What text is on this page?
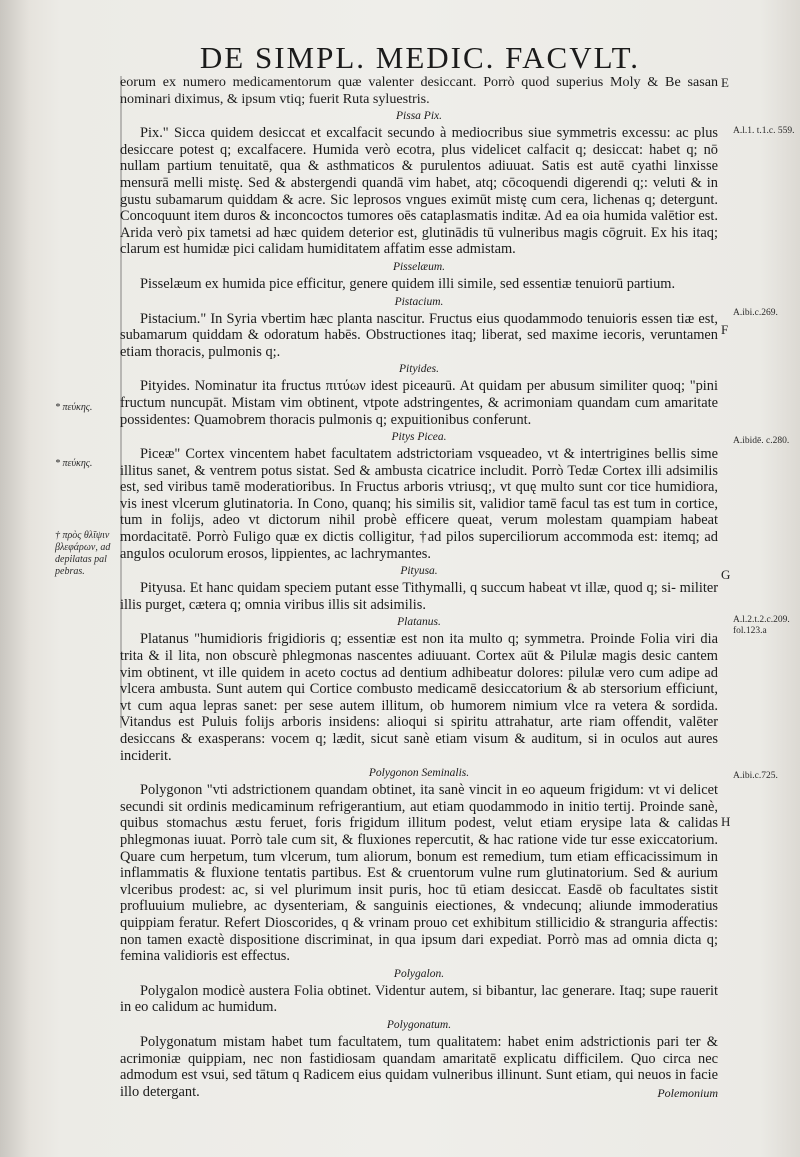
DE SIMPL. MEDIC. FACVLT.

eorum ex numero medicamentorum quæ valenter desiccant. Porrò quod superius Moly & Be sasan nominari diximus, & ipsum vtiq; fuerit Ruta syluestris.

Pissa Pix.

Pix." Sicca quidem desiccat et excalfacit secundo à mediocribus siue symmetris excessu: ac plus desiccare potest q; excalfacere. Humida verò ecotra, plus videlicet calfacit q; desiccat: habet q; nō nullam partium tenuitatē, qua & asthmaticos & purulentos adiuuat. Satis est autē cyathi linxisse mensurā melli mistę. Sed & abstergendi quandā vim habet, atq; cōcoquendi digerendi q;: veluti & in gustu subamarum quiddam & acre. Sic leprosos vngues eximūt mistę cum cera, lichenas q; detergunt. Concoquunt item duros & inconcoctos tumores oēs cataplasmatis inditæ. Ad ea oia humida valētior est. Arida verò pix tametsi ad hæc quidem deterior est, glutinādis tū vulneribus magis cōgruit. Ex his itaq; clarum est humidæ pici calidam humiditatem affatim esse admistam.

Pisselæum.

Pisselæum ex humida pice efficitur, genere quidem illi simile, sed essentiæ tenuiorū partium.

Pistacium.

Pistacium." In Syria vbertim hæc planta nascitur. Fructus eius quodammodo tenuioris essen tiæ est, subamarum quiddam & odoratum habēs. Obstructiones itaq; liberat, sed maxime iecoris, veruntamen etiam thoracis, pulmonis q;.

Pityides.

Pityides. Nominatur ita fructus πιτύων idest piceaurū. At quidam per abusum similiter quoq; "pini fructum nuncupāt. Mistam vim obtinent, vtpote adstringentes, & acrimoniam quandam cum amaritate possidentes: Quamobrem thoracis pulmonis q; expuitionibus conferunt.

Pitys Picea.

Piceæ" Cortex vincentem habet facultatem adstrictoriam vsqueadeo, vt & intertrigines bellis sime illitus sanet, & ventrem potus sistat. Sed & ambusta cicatrice includit. Porrò Tedæ Cortex illi adsimilis est, sed viribus tamē moderatioribus. In Fructus arboris vtriusq;, vt quę multo sunt cor tice humidiora, vis inest vlcerum glutinatoria. In Cono, quanq; his similis sit, validior tamē facul tas est tum in cortice, tum in folijs, adeo vt dictorum nihil probè efficere queat, verum molestam quampiam habeat mordacitatē. Porrò Fuligo quæ ex dictis colligitur, †ad pilos superciliorum accommoda est: itemq; ad angulos oculorum erosos, lippientes, ac lachrymantes.

Pityusa.

Pityusa. Et hanc quidam speciem putant esse Tithymalli, q succum habeat vt illæ, quod q; si- militer illis purget, cætera q; omnia viribus illis sit adsimilis.

Platanus.

Platanus "humidioris frigidioris q; essentiæ est non ita multo q; symmetra. Proinde Folia viri dia trita & il lita, non obscurè phlegmonas nascentes adiuuant. Cortex aūt & Pilulæ magis desic cantem vim obtinent, vt ille quidem in aceto coctus ad dentium adhibeatur dolores: pilulæ vero cum adipe ad vlcera ambusta. Sunt autem qui Cortice combusto medicamē desiccatorium & ab stersorium efficiunt, vt cum aqua lepras sanet: per sese autem illitum, ob humorem nimium vlce ra vetera & sordida. Vitandus est Puluis folijs arboris insidens: alioqui si spiritu attrahatur, arte riam offendit, valēter desiccans & exasperans: vocem q; lædit, sicut sanè etiam visum & auditum, si in oculos aut aures inciderit.

Polygonon Seminalis.

Polygonon "vti adstrictionem quandam obtinet, ita sanè vincit in eo aqueum frigidum: vt vi delicet secundi sit ordinis medicaminum refrigerantium, aut etiam quodammodo in initio tertij. Proinde sanè, quibus stomachus æstu feruet, foris frigidum illitum podest, velut etiam erysipe lata & calidas phlegmonas iuuat. Porrò tale cum sit, & fluxiones repercutit, & hac ratione vide tur esse exiccatorium. Quare cum herpetum, tum vlcerum, tum aliorum, bonum est remedium, tum etiam efficacissimum in inflammatis & fluxione tentatis partibus. Est & cruentorum vulne rum glutinatorium. Sed & aurium vlceribus prodest: ac, si vel plurimum insit puris, hoc tū etiam desiccat. Easdē ob facultates sistit profluuium muliebre, ac dysenteriam, & sanguinis eiectiones, & vndecunq; aliunde immoderatius quippiam feratur. Refert Dioscorides, q & vrinam prouo cet exhibitum stillicidio & stranguria affectis: non tamen exactè dispositione discriminat, in qua ipsum dari expediat. Porrò mas ad omnia dicta q; femina validioris est effectus.

Polygalon.

Polygalon modicè austera Folia obtinet. Videntur autem, si bibantur, lac generare. Itaq; supe rauerit in eo calidum ac humidum.

Polygonatum.

Polygonatum mistam habet tum facultatem, tum qualitatem: habet enim adstrictionis pari ter & acrimoniæ quippiam, nec non fastidiosam quandam amaritatē explicatu difficilem. Quo circa nec admodum est vsui, sed tātum q Radicem eius quidam vulneribus illinunt. Sunt etiam, qui neuos in facie illo detergant.

A.l.1. t.1.c. 559.
A.ibi.c.269.
A.ibidē. c.280.
A.l.2.t.2.c.209. fol.123.a
A.ibi.c.725.
* πεύκης.
* πεύκης.
† πρὸς θλῖψιν βλεφάρων, ad depilatas pal pebras.
E
F
G
H
Polemonium
